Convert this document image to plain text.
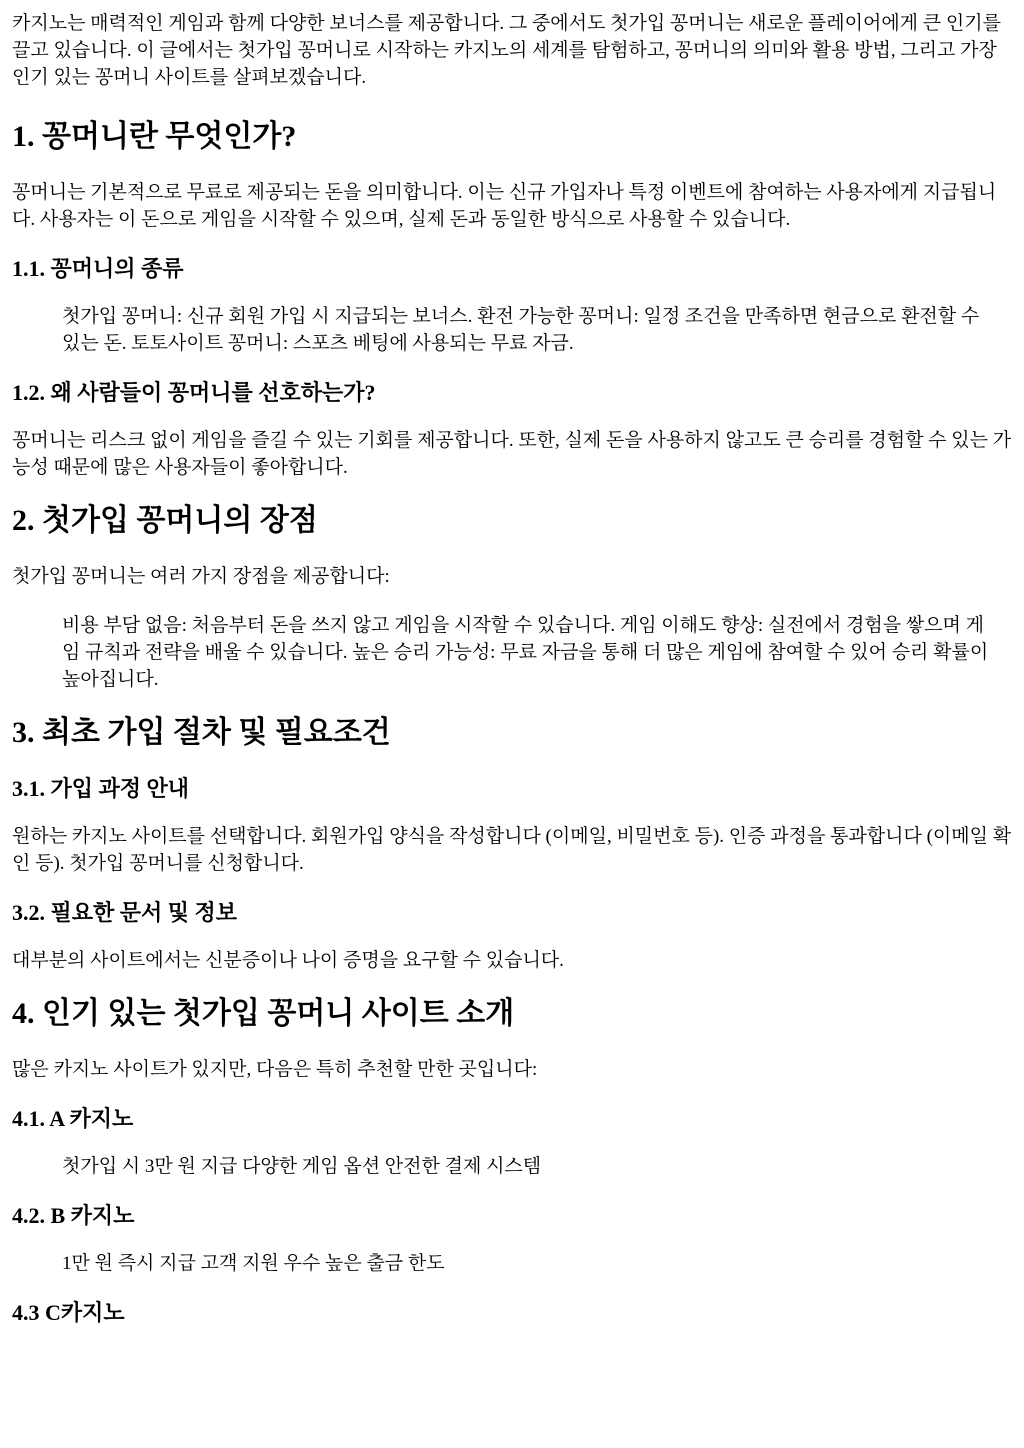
카지노는 매력적인 게임과 함께 다양한 보너스를 제공합니다. 그 중에서도 첫가입 꽁머니는 새로운 플레이어에게 큰 인기를 끌고 있습니다. 이 글에서는 첫가입 꽁머니로 시작하는 카지노의 세계를 탐험하고, 꽁머니의 의미와 활용 방법, 그리고 가장 인기 있는 꽁머니 사이트를 살펴보겠습니다.

1. 꽁머니란 무엇인가?

꽁머니는 기본적으로 무료로 제공되는 돈을 의미합니다. 이는 신규 가입자나 특정 이벤트에 참여하는 사용자에게 지급됩니다. 사용자는 이 돈으로 게임을 시작할 수 있으며, 실제 돈과 동일한 방식으로 사용할 수 있습니다.

1.1. 꽁머니의 종류

첫가입 꽁머니: 신규 회원 가입 시 지급되는 보너스. 환전 가능한 꽁머니: 일정 조건을 만족하면 현금으로 환전할 수 있는 돈. 토토사이트 꽁머니: 스포츠 베팅에 사용되는 무료 자금.

1.2. 왜 사람들이 꽁머니를 선호하는가?

꽁머니는 리스크 없이 게임을 즐길 수 있는 기회를 제공합니다. 또한, 실제 돈을 사용하지 않고도 큰 승리를 경험할 수 있는 가능성 때문에 많은 사용자들이 좋아합니다.

2. 첫가입 꽁머니의 장점

첫가입 꽁머니는 여러 가지 장점을 제공합니다:

비용 부담 없음: 처음부터 돈을 쓰지 않고 게임을 시작할 수 있습니다. 게임 이해도 향상: 실전에서 경험을 쌓으며 게임 규칙과 전략을 배울 수 있습니다. 높은 승리 가능성: 무료 자금을 통해 더 많은 게임에 참여할 수 있어 승리 확률이 높아집니다.

3. 최초 가입 절차 및 필요조건
3.1. 가입 과정 안내

원하는 카지노 사이트를 선택합니다. 회원가입 양식을 작성합니다 (이메일, 비밀번호 등). 인증 과정을 통과합니다 (이메일 확인 등). 첫가입 꽁머니를 신청합니다.

3.2. 필요한 문서 및 정보

대부분의 사이트에서는 신분증이나 나이 증명을 요구할 수 있습니다.

4. 인기 있는 첫가입 꽁머니 사이트 소개

많은 카지노 사이트가 있지만, 다음은 특히 추천할 만한 곳입니다:

4.1. A 카지노

첫가입 시 3만 원 지급 다양한 게임 옵션 안전한 결제 시스템

4.2. B 카지노

1만 원 즉시 지급 고객 지원 우수 높은 출금 한도

4.3 C카지노
